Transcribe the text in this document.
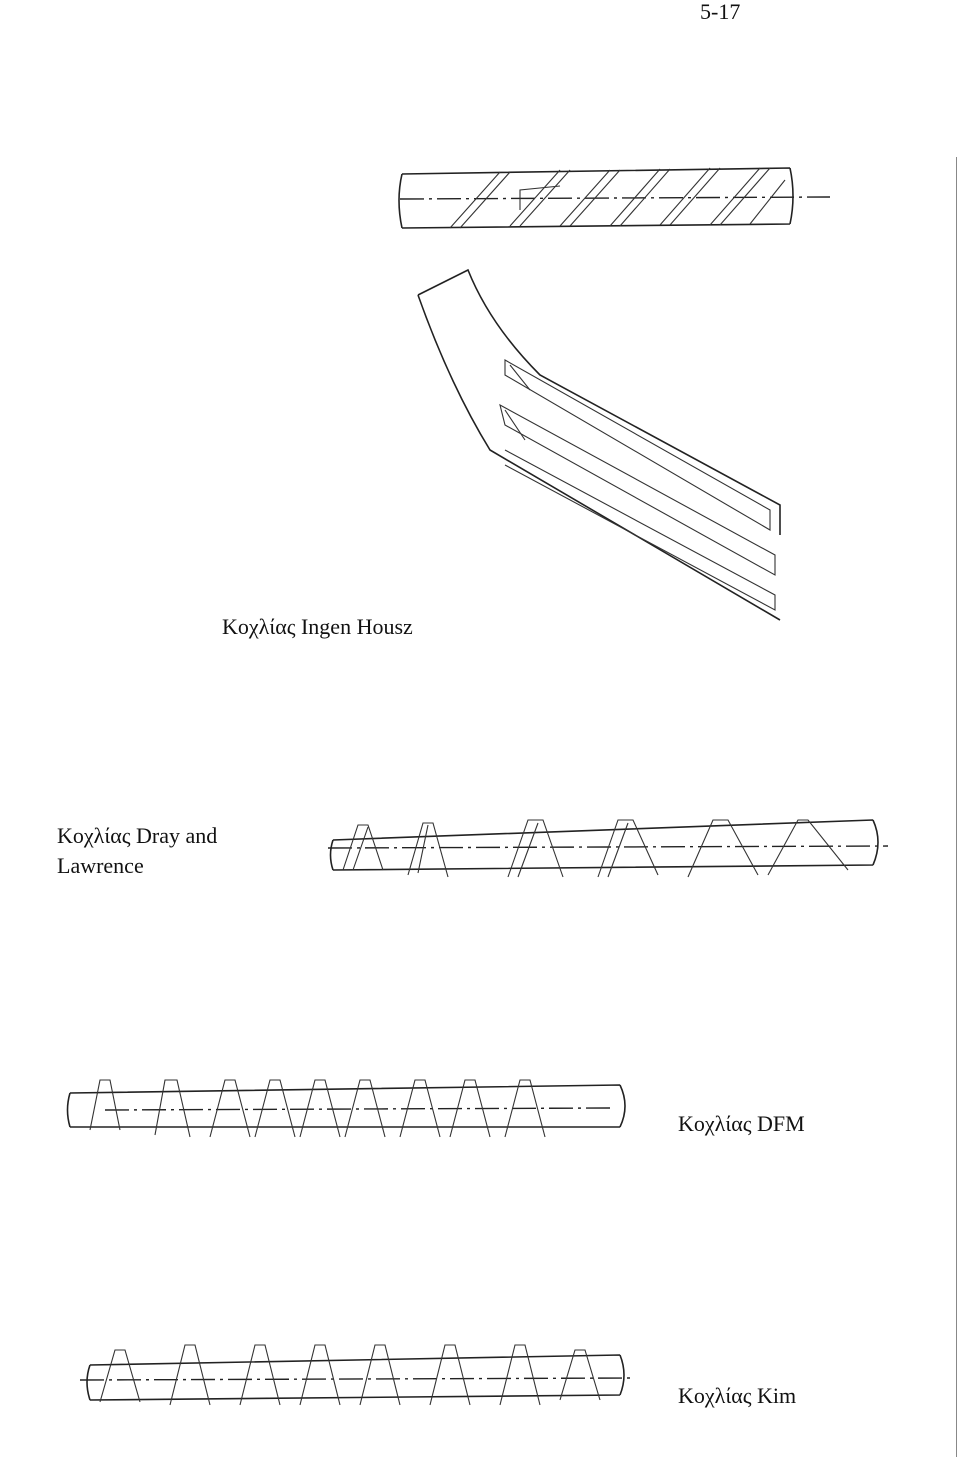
5-17
Κοχλίας Ingen Housz
Κοχλίας Dray and
Lawrence
Κοχλίας DFM
Κοχλίας Kim
